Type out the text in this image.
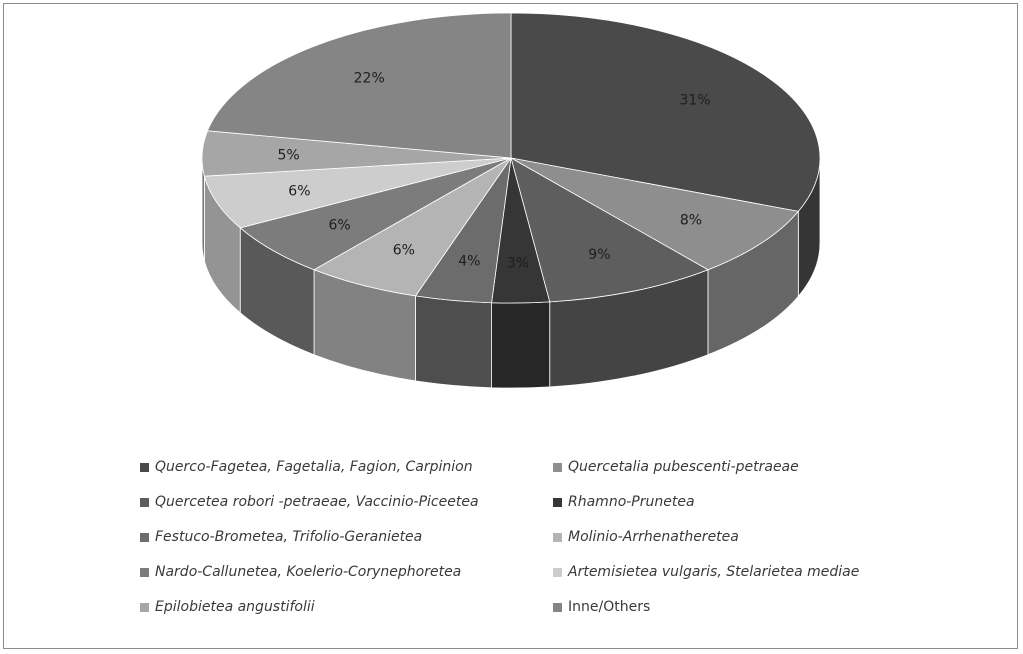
31%
8%
9%
3%
4%
6%
6%
6%
5%
22%
Querco-Fagetea, Fagetalia, Fagion, Carpinion	Quercetalia pubescenti-petraeae
Quercetea robori -petraeae, Vaccinio-Piceetea	Rhamno-Prunetea
Festuco-Brometea, Trifolio-Geranietea	Molinio-Arrhenatheretea
Nardo-Callunetea, Koelerio-Corynephoretea	Artemisietea vulgaris, Stelarietea mediae
Epilobietea angustifolii	Inne/Others
